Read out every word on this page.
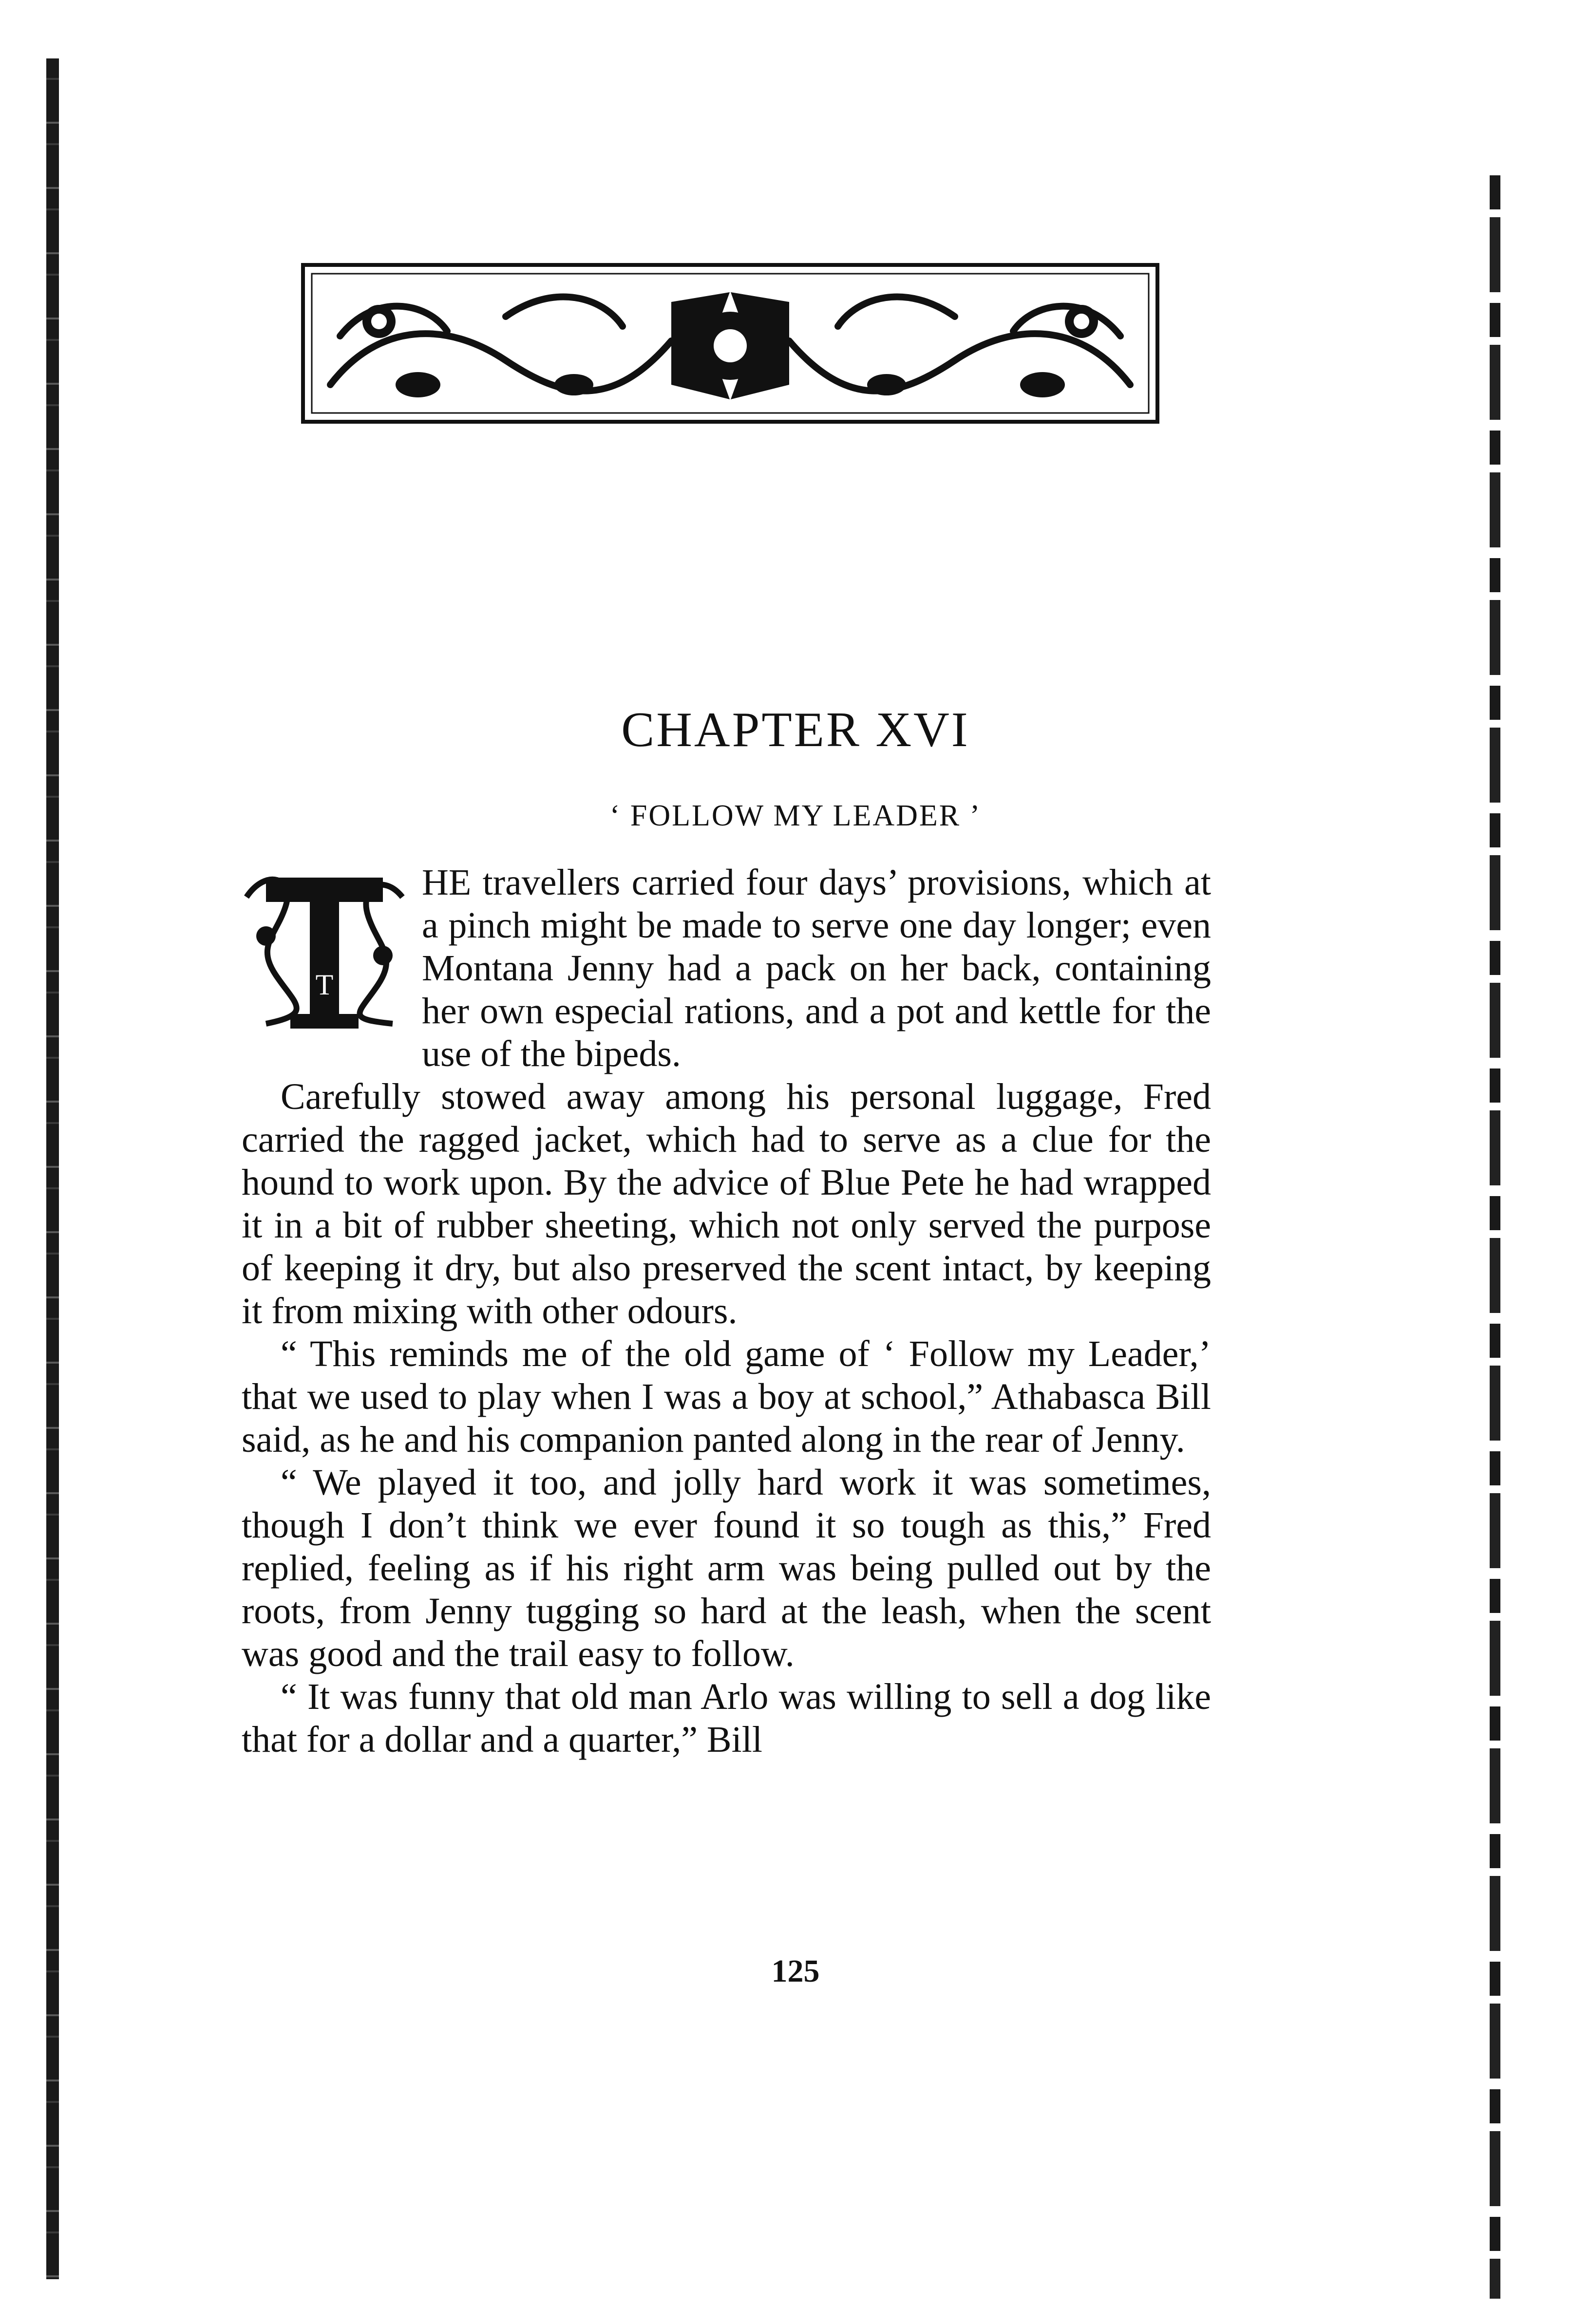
CHAPTER XVI
‘ FOLLOW MY LEADER ’
T

HE travellers carried four days’ provisions, which at a pinch might be made to serve one day longer; even Montana Jenny had a pack on her back, containing her own especial rations, and a pot and kettle for the use of the bipeds.

Carefully stowed away among his personal luggage, Fred carried the ragged jacket, which had to serve as a clue for the hound to work upon. By the advice of Blue Pete he had wrapped it in a bit of rubber sheeting, which not only served the purpose of keeping it dry, but also preserved the scent intact, by keeping it from mixing with other odours.

“ This reminds me of the old game of ‘ Follow my Leader,’ that we used to play when I was a boy at school,” Athabasca Bill said, as he and his companion panted along in the rear of Jenny.

“ We played it too, and jolly hard work it was sometimes, though I don’t think we ever found it so tough as this,” Fred replied, feeling as if his right arm was being pulled out by the roots, from Jenny tugging so hard at the leash, when the scent was good and the trail easy to follow.

“ It was funny that old man Arlo was willing to sell a dog like that for a dollar and a quarter,” Bill

125
